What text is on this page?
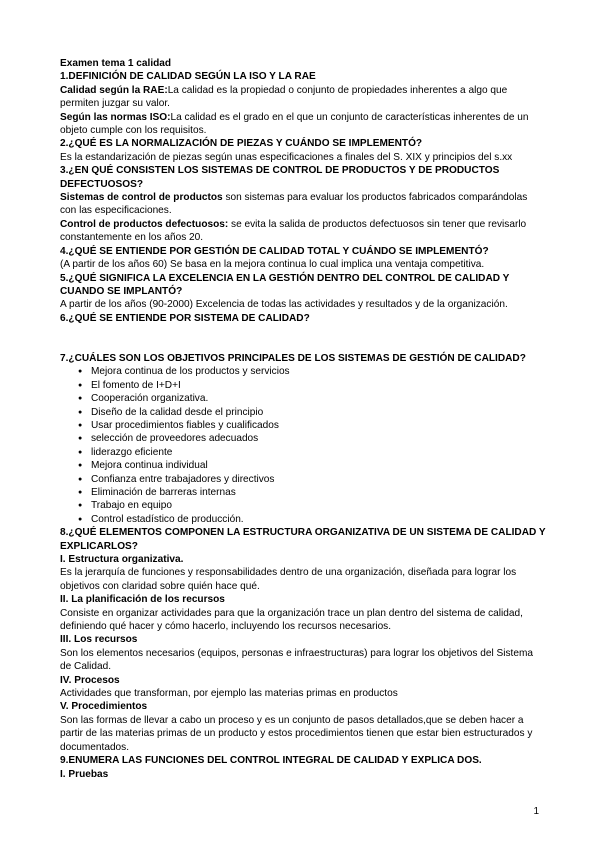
Examen tema 1 calidad

1.DEFINICIÓN DE CALIDAD SEGÚN LA ISO Y LA RAE

Calidad según la RAE:La calidad es la propiedad o conjunto de propiedades inherentes a algo que permiten juzgar su valor.

Según las normas ISO:La calidad es el grado en el que un conjunto de características inherentes de un objeto cumple con los requisitos.

2.¿QUÉ ES LA NORMALIZACIÓN DE PIEZAS Y CUÁNDO SE IMPLEMENTÓ?

Es la estandarización de piezas según unas especificaciones a finales del S. XIX y principios del s.xx

3.¿EN QUÉ CONSISTEN LOS SISTEMAS DE CONTROL DE PRODUCTOS Y DE PRODUCTOS DEFECTUOSOS?

Sistemas de control de productos son sistemas para evaluar los productos fabricados comparándolas con las especificaciones.

Control de productos defectuosos: se evita la salida de productos defectuosos sin tener que revisarlo constantemente en los años 20.

4.¿QUÉ SE ENTIENDE POR GESTIÓN DE CALIDAD TOTAL Y CUÁNDO SE IMPLEMENTÓ?

(A partir de los años 60) Se basa en la mejora continua lo cual implica una ventaja competitiva.

5.¿QUÉ SIGNIFICA LA EXCELENCIA EN LA GESTIÓN DENTRO DEL CONTROL DE CALIDAD Y CUANDO SE IMPLANTÓ?

A partir de los años (90-2000) Excelencia de todas las actividades y resultados y de la organización.

6.¿QUÉ SE ENTIENDE POR SISTEMA DE CALIDAD?

7.¿CUÁLES SON LOS OBJETIVOS PRINCIPALES DE LOS SISTEMAS DE GESTIÓN DE CALIDAD?

● Mejora continua de los productos y servicios
● El fomento de I+D+I
● Cooperación organizativa.
● Diseño de la calidad desde el principio
● Usar procedimientos fiables y cualificados
● selección de proveedores adecuados
● liderazgo eficiente
● Mejora continua individual
● Confianza entre trabajadores y directivos
● Eliminación de barreras internas
● Trabajo en equipo
● Control estadístico de producción.

8.¿QUÉ ELEMENTOS COMPONEN LA ESTRUCTURA ORGANIZATIVA DE UN SISTEMA DE CALIDAD Y EXPLICARLOS?

I. Estructura organizativa.

Es la jerarquía de funciones y responsabilidades dentro de una organización, diseñada para lograr los objetivos con claridad sobre quién hace qué.

II. La planificación de los recursos

Consiste en organizar actividades para que la organización trace un plan dentro del sistema de calidad, definiendo qué hacer y cómo hacerlo, incluyendo los recursos necesarios.

III. Los recursos

Son los elementos necesarios (equipos, personas e infraestructuras) para lograr los objetivos del Sistema de Calidad.

IV. Procesos

Actividades que transforman, por ejemplo las materias primas en productos

V. Procedimientos

Son las formas de llevar a cabo un proceso y es un conjunto de pasos detallados,que se deben hacer a partir de las materias primas de un producto y estos procedimientos tienen que estar bien estructurados y documentados.

9.ENUMERA LAS FUNCIONES DEL CONTROL INTEGRAL DE CALIDAD Y EXPLICA DOS.

I. Pruebas

1
